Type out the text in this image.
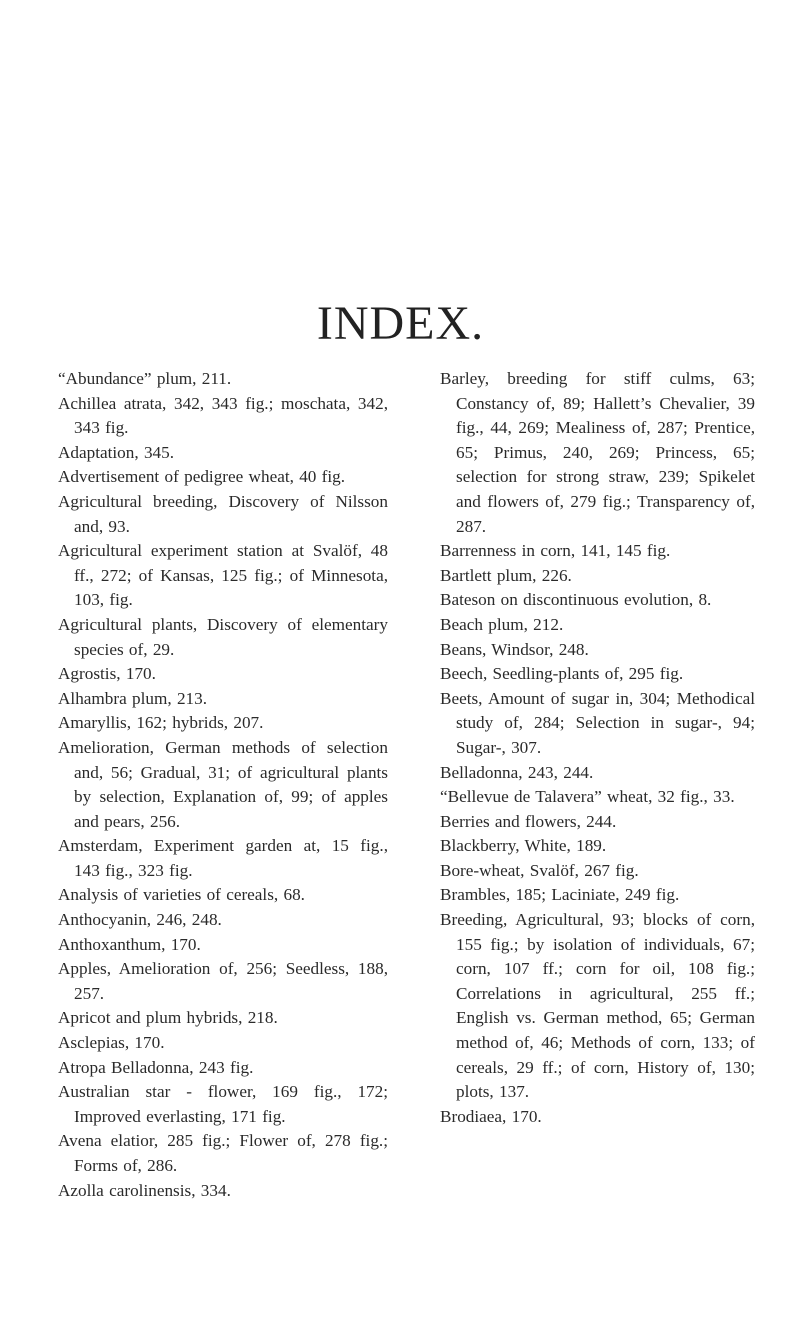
INDEX.

“Abundance” plum, 211.

Achillea atrata, 342, 343 fig.; moschata, 342, 343 fig.

Adaptation, 345.

Advertisement of pedigree wheat, 40 fig.

Agricultural breeding, Discovery of Nilsson and, 93.

Agricultural experiment station at Svalöf, 48 ff., 272; of Kansas, 125 fig.; of Minnesota, 103, fig.

Agricultural plants, Discovery of elementary species of, 29.

Agrostis, 170.

Alhambra plum, 213.

Amaryllis, 162; hybrids, 207.

Amelioration, German methods of selection and, 56; Gradual, 31; of agricultural plants by selection, Explanation of, 99; of apples and pears, 256.

Amsterdam, Experiment garden at, 15 fig., 143 fig., 323 fig.

Analysis of varieties of cereals, 68.

Anthocyanin, 246, 248.

Anthoxanthum, 170.

Apples, Amelioration of, 256; Seedless, 188, 257.

Apricot and plum hybrids, 218.

Asclepias, 170.

Atropa Belladonna, 243 fig.

Australian star - flower, 169 fig., 172; Improved everlasting, 171 fig.

Avena elatior, 285 fig.; Flower of, 278 fig.; Forms of, 286.

Azolla carolinensis, 334.

Barley, breeding for stiff culms, 63; Constancy of, 89; Hallett’s Chevalier, 39 fig., 44, 269; Mealiness of, 287; Prentice, 65; Primus, 240, 269; Princess, 65; selection for strong straw, 239; Spikelet and flowers of, 279 fig.; Transparency of, 287.

Barrenness in corn, 141, 145 fig.

Bartlett plum, 226.

Bateson on discontinuous evolution, 8.

Beach plum, 212.

Beans, Windsor, 248.

Beech, Seedling-plants of, 295 fig.

Beets, Amount of sugar in, 304; Methodical study of, 284; Selection in sugar-, 94; Sugar-, 307.

Belladonna, 243, 244.

“Bellevue de Talavera” wheat, 32 fig., 33.

Berries and flowers, 244.

Blackberry, White, 189.

Bore-wheat, Svalöf, 267 fig.

Brambles, 185; Laciniate, 249 fig.

Breeding, Agricultural, 93; blocks of corn, 155 fig.; by isolation of individuals, 67; corn, 107 ff.; corn for oil, 108 fig.; Correlations in agricultural, 255 ff.; English vs. German method, 65; German method of, 46; Methods of corn, 133; of cereals, 29 ff.; of corn, History of, 130; plots, 137.

Brodiaea, 170.
